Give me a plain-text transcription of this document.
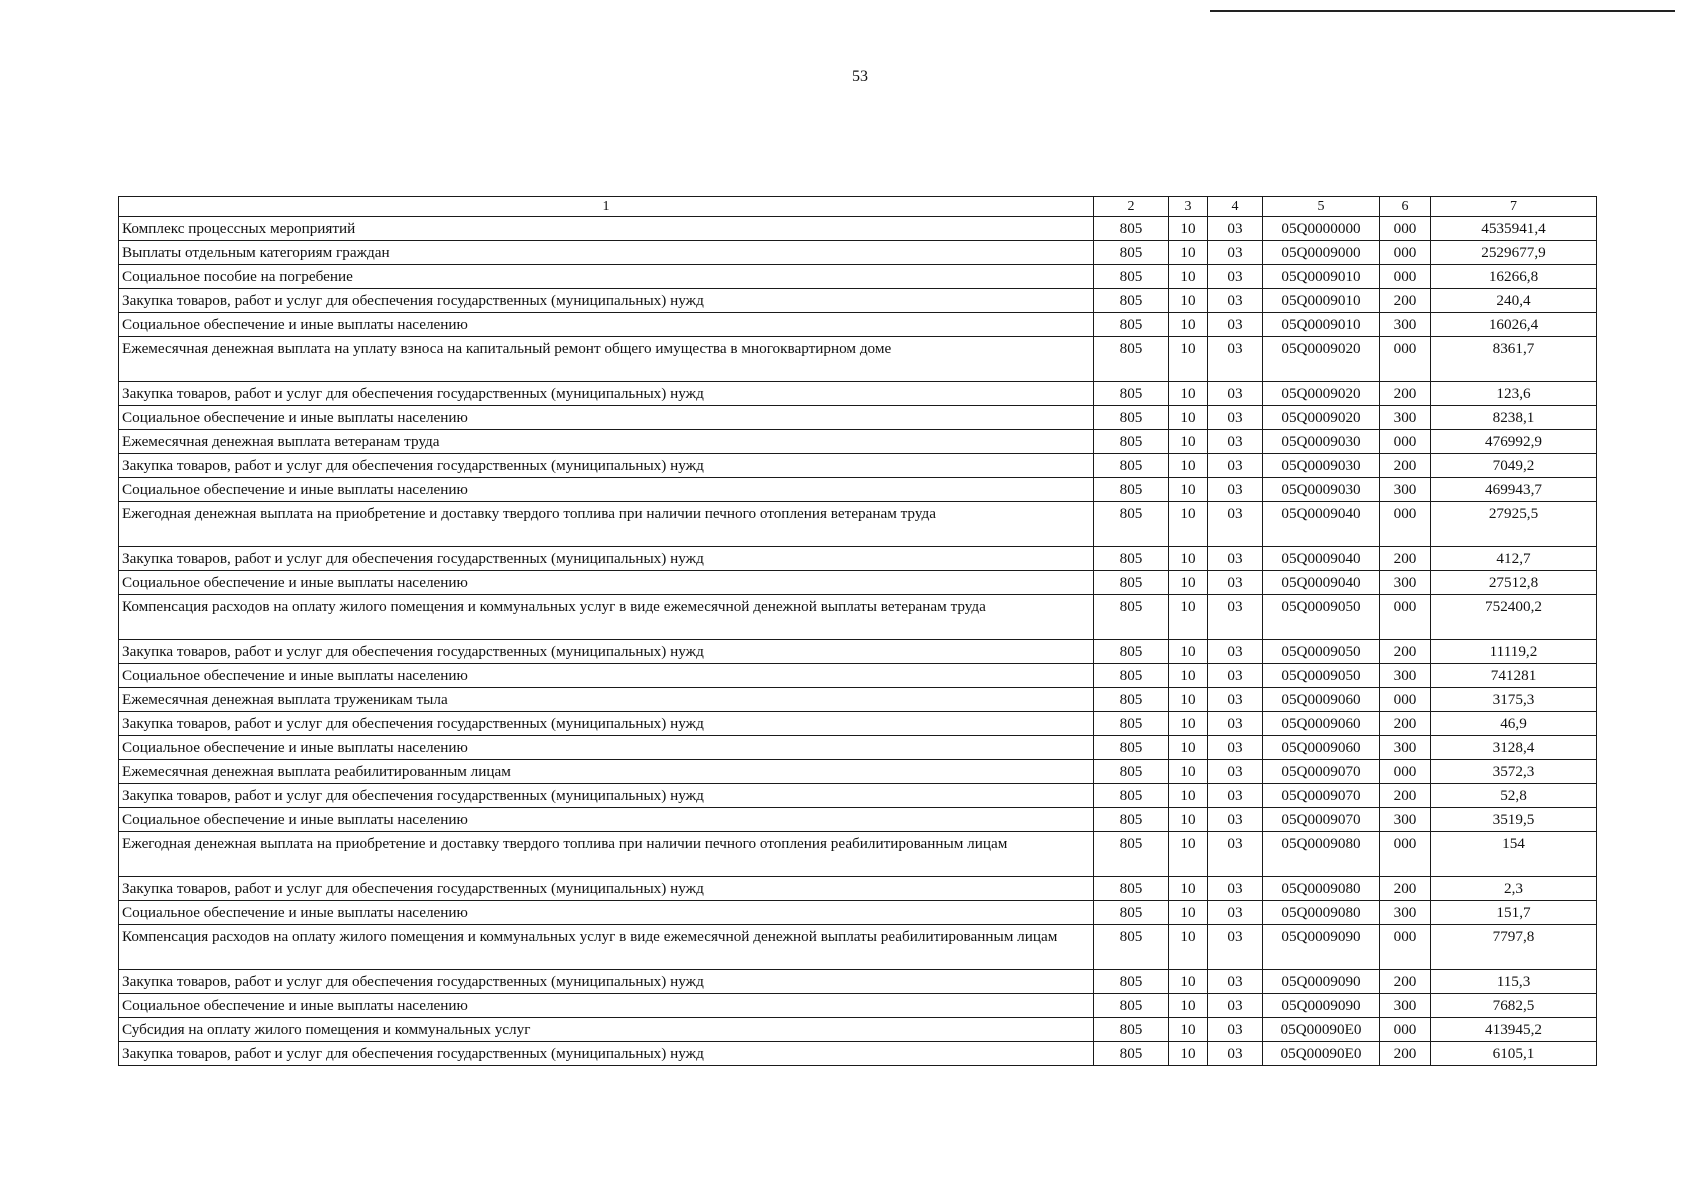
53
1	2	3	4	5	6	7
Комплекс процессных мероприятий	805	10	03	05Q0000000	000	4535941,4
Выплаты отдельным категориям граждан	805	10	03	05Q0009000	000	2529677,9
Социальное пособие на погребение	805	10	03	05Q0009010	000	16266,8
Закупка товаров, работ и услуг для обеспечения государственных (муниципальных) нужд	805	10	03	05Q0009010	200	240,4
Социальное обеспечение и иные выплаты населению	805	10	03	05Q0009010	300	16026,4
Ежемесячная денежная выплата на уплату взноса на капитальный ремонт общего имущества в многоквартирном доме	805	10	03	05Q0009020	000	8361,7
Закупка товаров, работ и услуг для обеспечения государственных (муниципальных) нужд	805	10	03	05Q0009020	200	123,6
Социальное обеспечение и иные выплаты населению	805	10	03	05Q0009020	300	8238,1
Ежемесячная денежная выплата ветеранам труда	805	10	03	05Q0009030	000	476992,9
Закупка товаров, работ и услуг для обеспечения государственных (муниципальных) нужд	805	10	03	05Q0009030	200	7049,2
Социальное обеспечение и иные выплаты населению	805	10	03	05Q0009030	300	469943,7
Ежегодная денежная выплата на приобретение и доставку твердого топлива при наличии печного отопления ветеранам труда	805	10	03	05Q0009040	000	27925,5
Закупка товаров, работ и услуг для обеспечения государственных (муниципальных) нужд	805	10	03	05Q0009040	200	412,7
Социальное обеспечение и иные выплаты населению	805	10	03	05Q0009040	300	27512,8
Компенсация расходов на оплату жилого помещения и коммунальных услуг в виде ежемесячной денежной выплаты ветеранам труда	805	10	03	05Q0009050	000	752400,2
Закупка товаров, работ и услуг для обеспечения государственных (муниципальных) нужд	805	10	03	05Q0009050	200	11119,2
Социальное обеспечение и иные выплаты населению	805	10	03	05Q0009050	300	741281
Ежемесячная денежная выплата труженикам тыла	805	10	03	05Q0009060	000	3175,3
Закупка товаров, работ и услуг для обеспечения государственных (муниципальных) нужд	805	10	03	05Q0009060	200	46,9
Социальное обеспечение и иные выплаты населению	805	10	03	05Q0009060	300	3128,4
Ежемесячная денежная выплата реабилитированным лицам	805	10	03	05Q0009070	000	3572,3
Закупка товаров, работ и услуг для обеспечения государственных (муниципальных) нужд	805	10	03	05Q0009070	200	52,8
Социальное обеспечение и иные выплаты населению	805	10	03	05Q0009070	300	3519,5
Ежегодная денежная выплата на приобретение и доставку твердого топлива при наличии печного отопления реабилитированным лицам	805	10	03	05Q0009080	000	154
Закупка товаров, работ и услуг для обеспечения государственных (муниципальных) нужд	805	10	03	05Q0009080	200	2,3
Социальное обеспечение и иные выплаты населению	805	10	03	05Q0009080	300	151,7
Компенсация расходов на оплату жилого помещения и коммунальных услуг в виде ежемесячной денежной выплаты реабилитированным лицам	805	10	03	05Q0009090	000	7797,8
Закупка товаров, работ и услуг для обеспечения государственных (муниципальных) нужд	805	10	03	05Q0009090	200	115,3
Социальное обеспечение и иные выплаты населению	805	10	03	05Q0009090	300	7682,5
Субсидия на оплату жилого помещения и коммунальных услуг	805	10	03	05Q00090E0	000	413945,2
Закупка товаров, работ и услуг для обеспечения государственных (муниципальных) нужд	805	10	03	05Q00090E0	200	6105,1
